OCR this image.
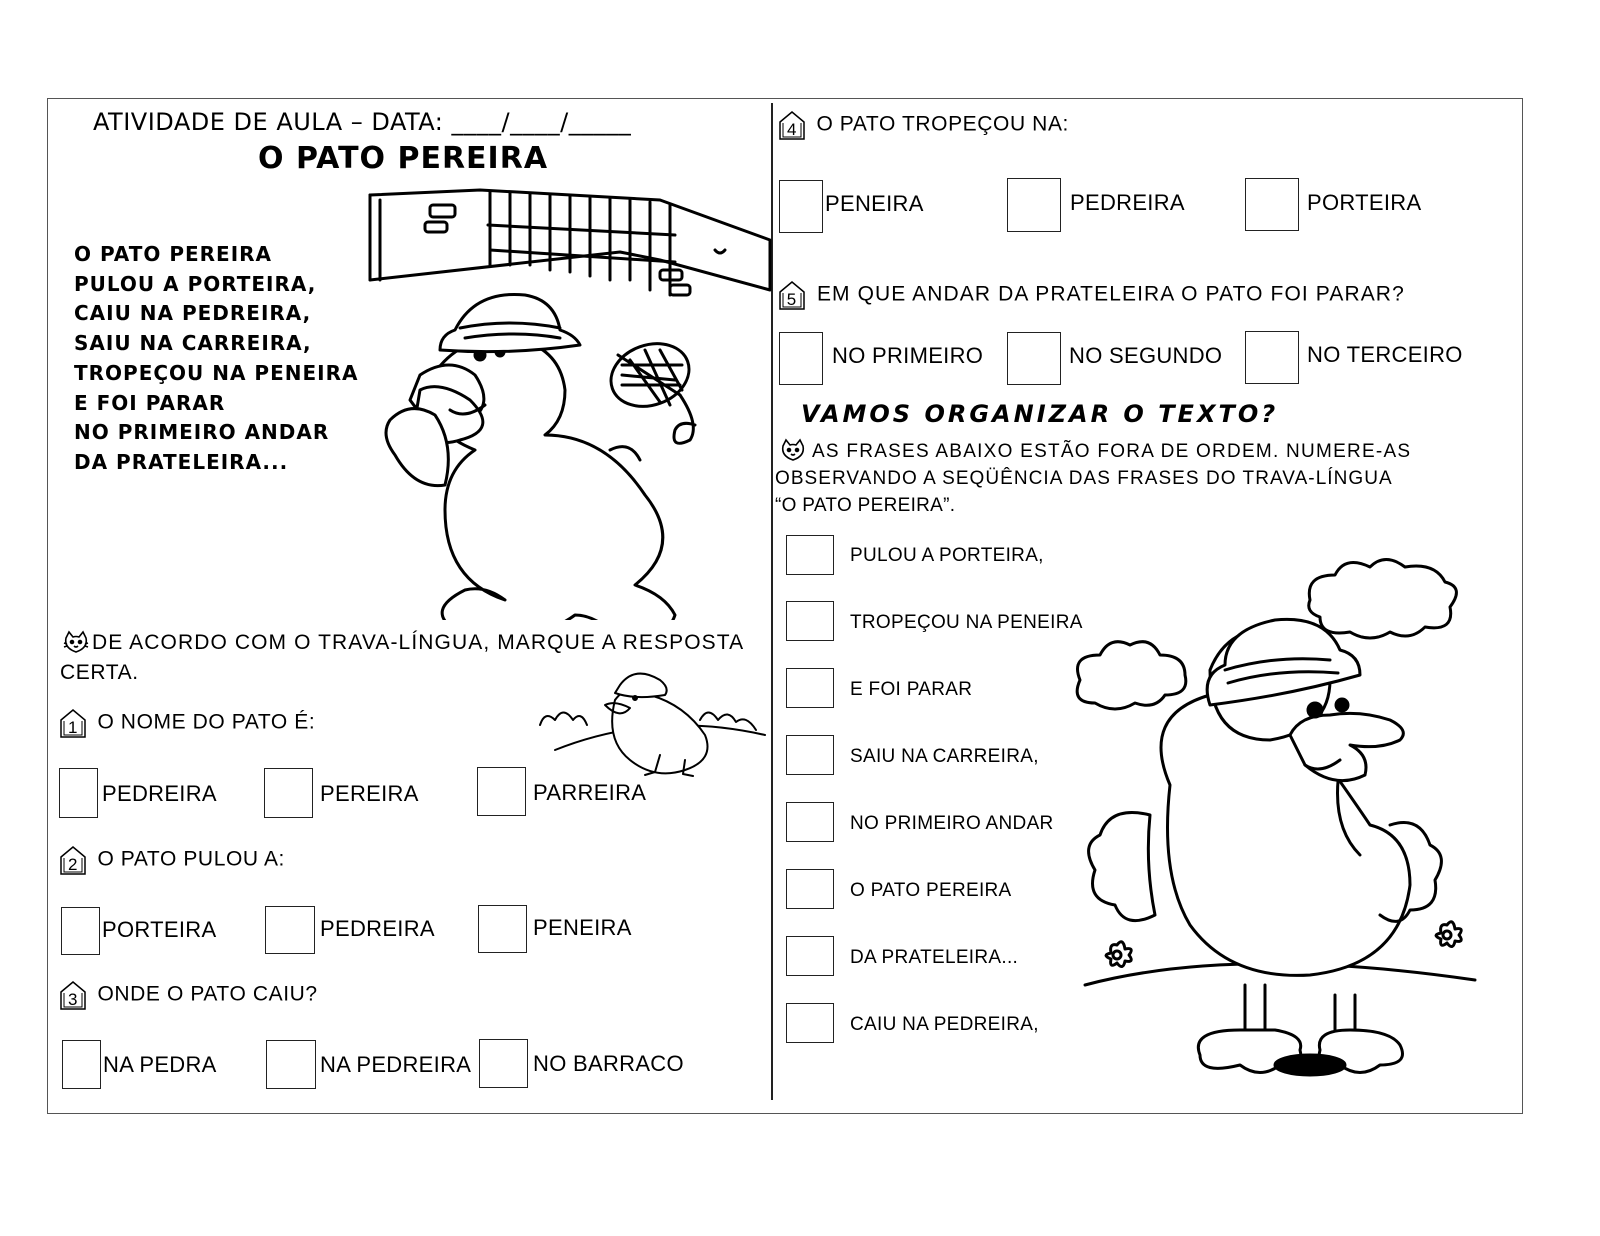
ATIVIDADE DE AULA – DATA: ____/____/_____
O PATO PEREIRA
O PATO PEREIRA
PULOU A PORTEIRA,
CAIU NA PEDREIRA,
SAIU NA CARREIRA,
TROPEÇOU NA PENEIRA
E FOI PARAR
NO PRIMEIRO ANDAR
DA PRATELEIRA...
DE ACORDO COM O TRAVA-LÍNGUA, MARQUE A RESPOSTA
CERTA.
1 O NOME DO PATO É:
PEDREIRA	PEREIRA	PARREIRA
2 O PATO PULOU A:
PORTEIRA	PEDREIRA	PENEIRA
3 ONDE O PATO CAIU?
NA PEDRA	NA PEDREIRA	NO BARRACO
4 O PATO TROPEÇOU NA:
PENEIRA	PEDREIRA	PORTEIRA
5 EM QUE ANDAR DA PRATELEIRA O PATO FOI PARAR?
NO PRIMEIRO	NO SEGUNDO	NO TERCEIRO
VAMOS ORGANIZAR O TEXTO?
AS FRASES ABAIXO ESTÃO FORA DE ORDEM. NUMERE-AS
OBSERVANDO A SEQÜÊNCIA DAS FRASES DO TRAVA-LÍNGUA
“O PATO PEREIRA”.
PULOU A PORTEIRA,
TROPEÇOU NA PENEIRA
E FOI PARAR
SAIU NA CARREIRA,
NO PRIMEIRO ANDAR
O PATO PEREIRA
DA PRATELEIRA...
CAIU NA PEDREIRA,
